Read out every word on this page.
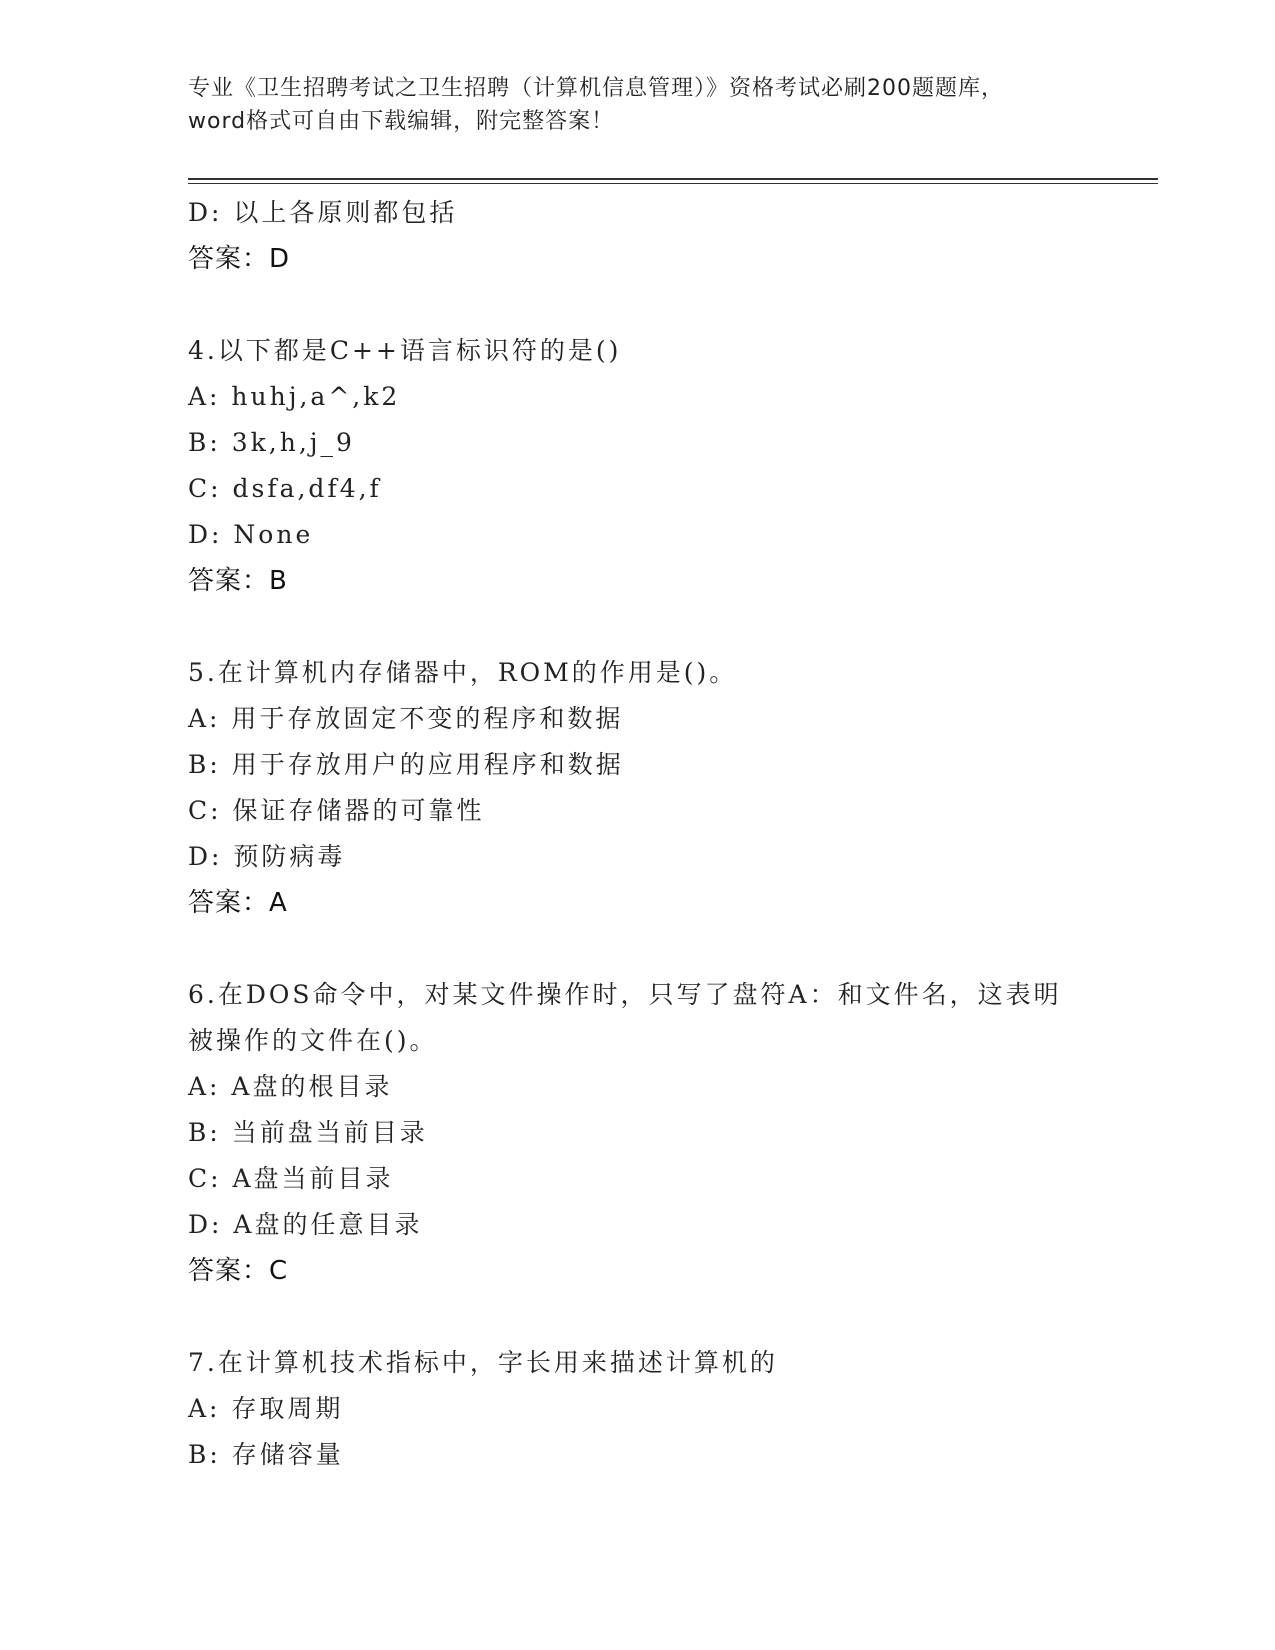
专业《卫生招聘考试之卫生招聘（计算机信息管理）》资格考试必刷200题题库，
word格式可自由下载编辑，附完整答案！
D: 以上各原则都包括
答案：D
4.以下都是C++语言标识符的是()
A: huhj,a^,k2
B: 3k,h,j_9
C: dsfa,df4,f
D: None
答案：B
5.在计算机内存储器中，ROM的作用是()。
A: 用于存放固定不变的程序和数据
B: 用于存放用户的应用程序和数据
C: 保证存储器的可靠性
D: 预防病毒
答案：A
6.在DOS命令中，对某文件操作时，只写了盘符A：和文件名，这表明
被操作的文件在()。
A: A盘的根目录
B: 当前盘当前目录
C: A盘当前目录
D: A盘的任意目录
答案：C
7.在计算机技术指标中，字长用来描述计算机的
A: 存取周期
B: 存储容量
